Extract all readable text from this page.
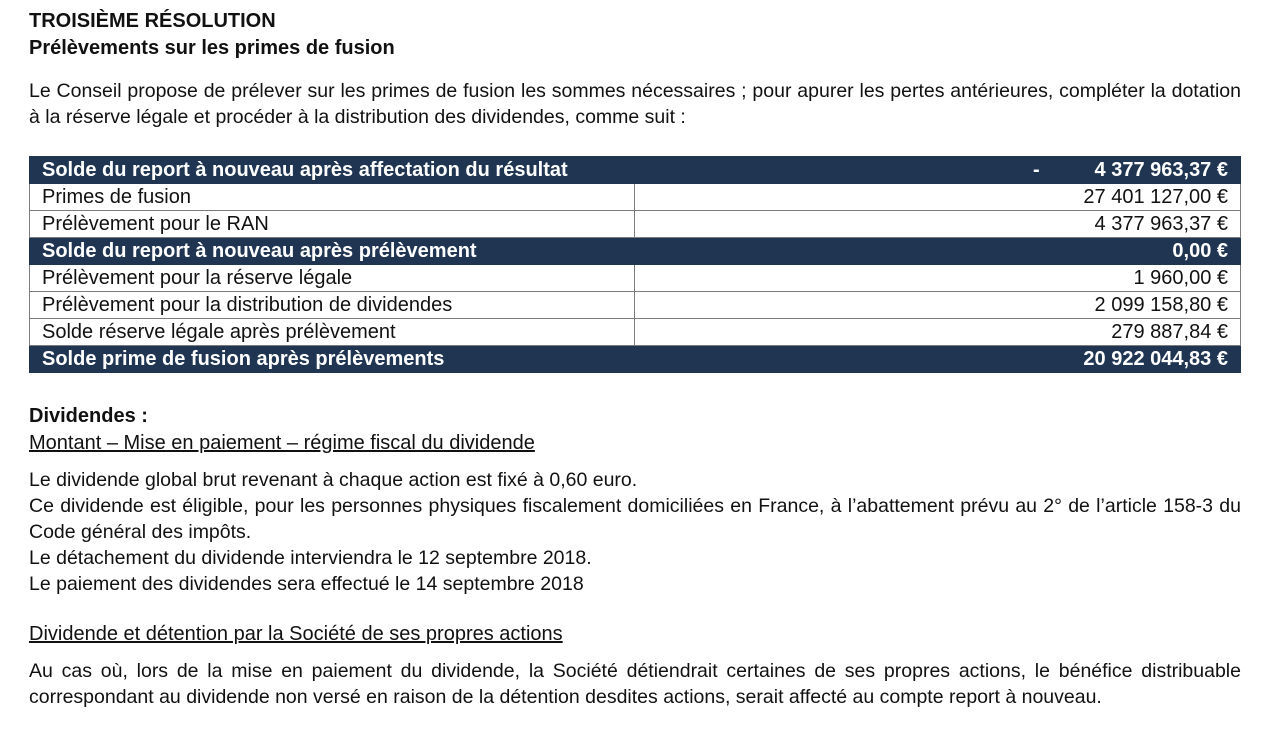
TROISIÈME RÉSOLUTION

Prélèvements sur les primes de fusion

Le Conseil propose de prélever sur les primes de fusion les sommes nécessaires ; pour apurer les pertes antérieures, compléter la dotation à la réserve légale et procéder à la distribution des dividendes, comme suit :

Solde du report à nouveau après affectation du résultat	- 4 377 963,37 €
Primes de fusion	27 401 127,00 €
Prélèvement pour le RAN	4 377 963,37 €
Solde du report à nouveau après prélèvement	0,00 €
Prélèvement pour la réserve légale	1 960,00 €
Prélèvement pour la distribution de dividendes	2 099 158,80 €
Solde réserve légale après prélèvement	279 887,84 €
Solde prime de fusion après prélèvements	20 922 044,83 €

Dividendes :

Montant – Mise en paiement – régime fiscal du dividende

Le dividende global brut revenant à chaque action est fixé à 0,60 euro.
Ce dividende est éligible, pour les personnes physiques fiscalement domiciliées en France, à l’abattement prévu au 2° de l’article 158-3 du Code général des impôts.
Le détachement du dividende interviendra le 12 septembre 2018.
Le paiement des dividendes sera effectué le 14 septembre 2018

Dividende et détention par la Société de ses propres actions

Au cas où, lors de la mise en paiement du dividende, la Société détiendrait certaines de ses propres actions, le bénéfice distribuable correspondant au dividende non versé en raison de la détention desdites actions, serait affecté au compte report à nouveau.
